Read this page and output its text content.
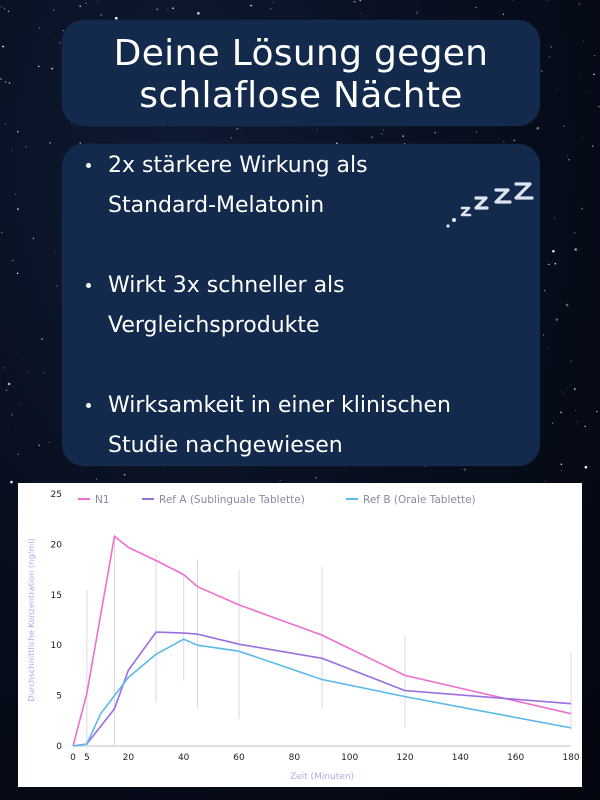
Deine Lösung gegen
schlaflose Nächte
2x stärkere Wirkung als
Standard-Melatonin
Wirkt 3x schneller als
Vergleichsprodukte
Wirksamkeit in einer klinischen
Studie nachgewiesen
0
5
10
15
20
25
0 5	20	40	60	80	100	120	140	160	180
Zeit (Minuten)
Durchschnittliche Konzentration (ng/ml)
N1	Ref A (Sublinguale Tablette)	Ref B (Orale Tablette)
